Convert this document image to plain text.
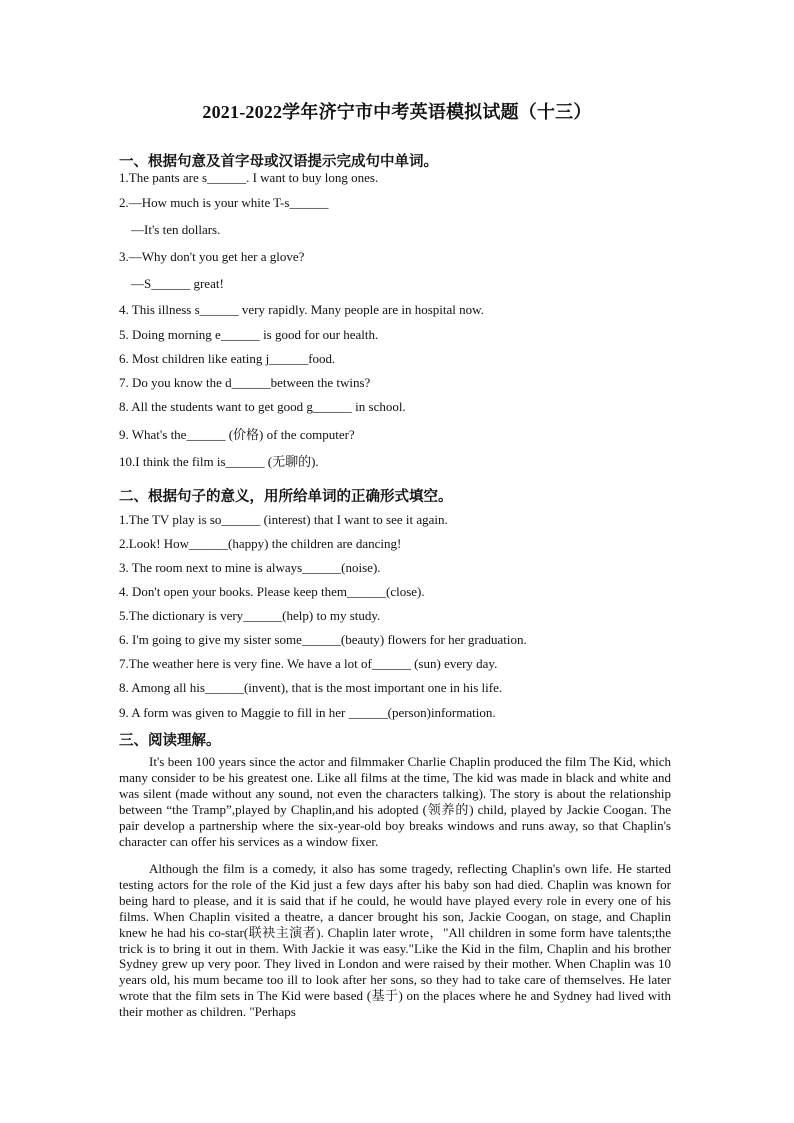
2021-2022学年济宁市中考英语模拟试题（十三）
一、根据句意及首字母或汉语提示完成句中单词。
1.The pants are s______. I want to buy long ones.
2.—How much is your white T-s______
—It's ten dollars.
3.—Why don't you get her a glove?
—S______ great!
4. This illness s______ very rapidly. Many people are in hospital now.
5. Doing morning e______ is good for our health.
6. Most children like eating j______food.
7. Do you know the d______between the twins?
8. All the students want to get good g______ in school.
9. What's the______ (价格) of the computer?
10.I think the film is______ (无聊的).
二、根据句子的意义，用所给单词的正确形式填空。
1.The TV play is so______ (interest) that I want to see it again.
2.Look! How______(happy) the children are dancing!
3. The room next to mine is always______(noise).
4. Don't open your books. Please keep them______(close).
5.The dictionary is very______(help) to my study.
6. I'm going to give my sister some______(beauty) flowers for her graduation.
7.The weather here is very fine. We have a lot of______ (sun) every day.
8. Among all his______(invent), that is the most important one in his life.
9. A form was given to Maggie to fill in her ______(person)information.
三、阅读理解。

It's been 100 years since the actor and filmmaker Charlie Chaplin produced the film The Kid, which many consider to be his greatest one. Like all films at the time, The kid was made in black and white and was silent (made without any sound, not even the characters talking). The story is about the relationship between “the Tramp”,played by Chaplin,and his adopted (领养的) child, played by Jackie Coogan. The pair develop a partnership where the six-year-old boy breaks windows and runs away, so that Chaplin's character can offer his services as a window fixer.

Although the film is a comedy, it also has some tragedy, reflecting Chaplin's own life. He started testing actors for the role of the Kid just a few days after his baby son had died. Chaplin was known for being hard to please, and it is said that if he could, he would have played every role in every one of his films. When Chaplin visited a theatre, a dancer brought his son, Jackie Coogan, on stage, and Chaplin knew he had his co-star(联袂主演者). Chaplin later wrote，"All children in some form have talents;the trick is to bring it out in them. With Jackie it was easy."Like the Kid in the film, Chaplin and his brother Sydney grew up very poor. They lived in London and were raised by their mother. When Chaplin was 10 years old, his mum became too ill to look after her sons, so they had to take care of themselves. He later wrote that the film sets in The Kid were based (基于) on the places where he and Sydney had lived with their mother as children. "Perhaps
